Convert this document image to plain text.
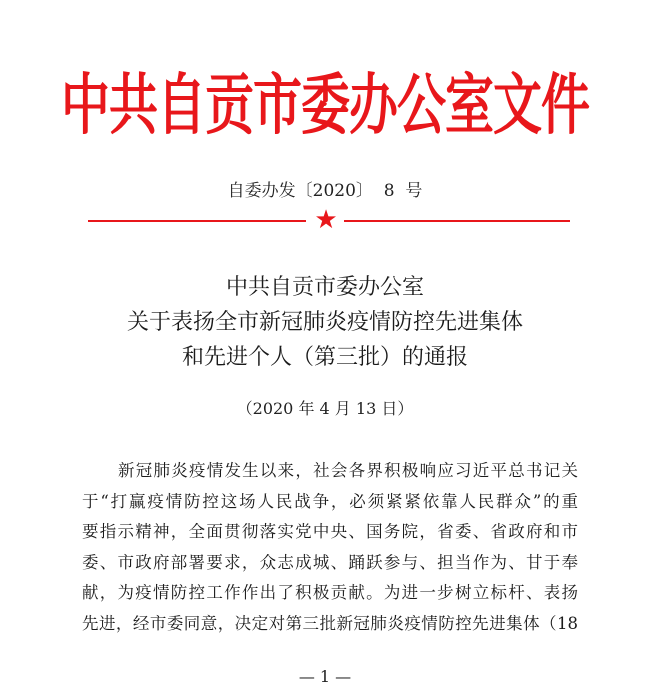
中共自贡市委办公室文件
自委办发〔2020〕  8  号
★
中共自贡市委办公室
关于表扬全市新冠肺炎疫情防控先进集体
和先进个人（第三批）的通报
（2020 年 4 月 13 日）
新冠肺炎疫情发生以来，社会各界积极响应习近平总书记关
于“打赢疫情防控这场人民战争，必须紧紧依靠人民群众”的重
要指示精神，全面贯彻落实党中央、国务院，省委、省政府和市
委、市政府部署要求，众志成城、踊跃参与、担当作为、甘于奉
献，为疫情防控工作作出了积极贡献。为进一步树立标杆、表扬
先进，经市委同意，决定对第三批新冠肺炎疫情防控先进集体（18
— 1 —
